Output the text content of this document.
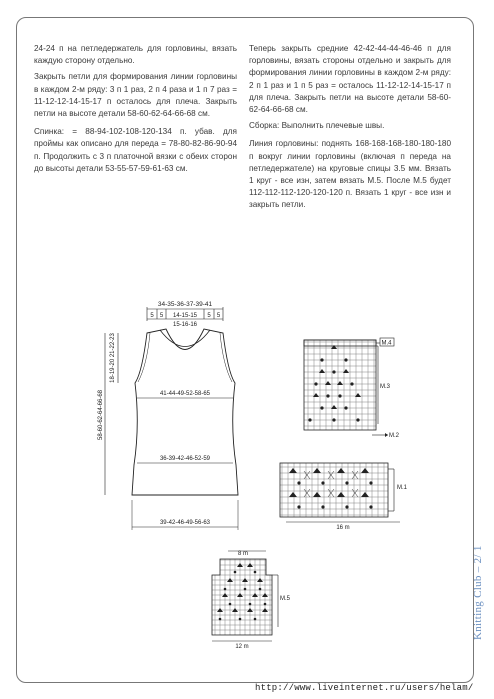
24-24 п на петледержатель для горловины, вязать каждую сторону отдельно.

Закрыть петли для формирования линии горловины в каждом 2-м ряду: 3 п 1 раз, 2 п 4 раза и 1 п 7 раз = 11-12-12-14-15-17 п осталось для плеча. Закрыть петли на высоте детали 58-60-62-64-66-68 см.

Спинка: = 88-94-102-108-120-134 п. убав. для проймы как описано для переда = 78-80-82-86-90-94 п. Продолжить с 3 п платочной вязки с обеих сторон до высоты детали 53-55-57-59-61-63 см.

Теперь закрыть средние 42-42-44-44-46-46 п для горловины, вязать стороны отдельно и закрыть для формирования линии горловины в каждом 2-м ряду: 2 п 1 раз и 1 п 5 раз = осталось 11-12-12-14-15-17 п для плеча. Закрыть петли на высоте детали 58-60-62-64-66-68 см.

Сборка: Выполнить плечевые швы.

Линия горловины: поднять 168-168-168-180-180-180 п вокруг линии горловины (включая п переда на петледержателе) на круговые спицы 3.5 мм. Вязать 1 круг - все изн, затем вязать М.5. После М.5 будет 112-112-112-120-120-120 п. Вязать 1 круг - все изн и закрыть петли.

34-35-36-37-39-41
5 5 14-15-15 5 5
15-16-16
18-19-20 21-22-23
58-60-62-64-66-68	41-44-49-52-58-65
36-39-42-46-52-59
39-42-46-49-56-63
M.4
M.3
M.2
M.1
16 m
8 m
M.5
12 m
Knitting Club – 2/ 1
http://www.liveinternet.ru/users/helam/
